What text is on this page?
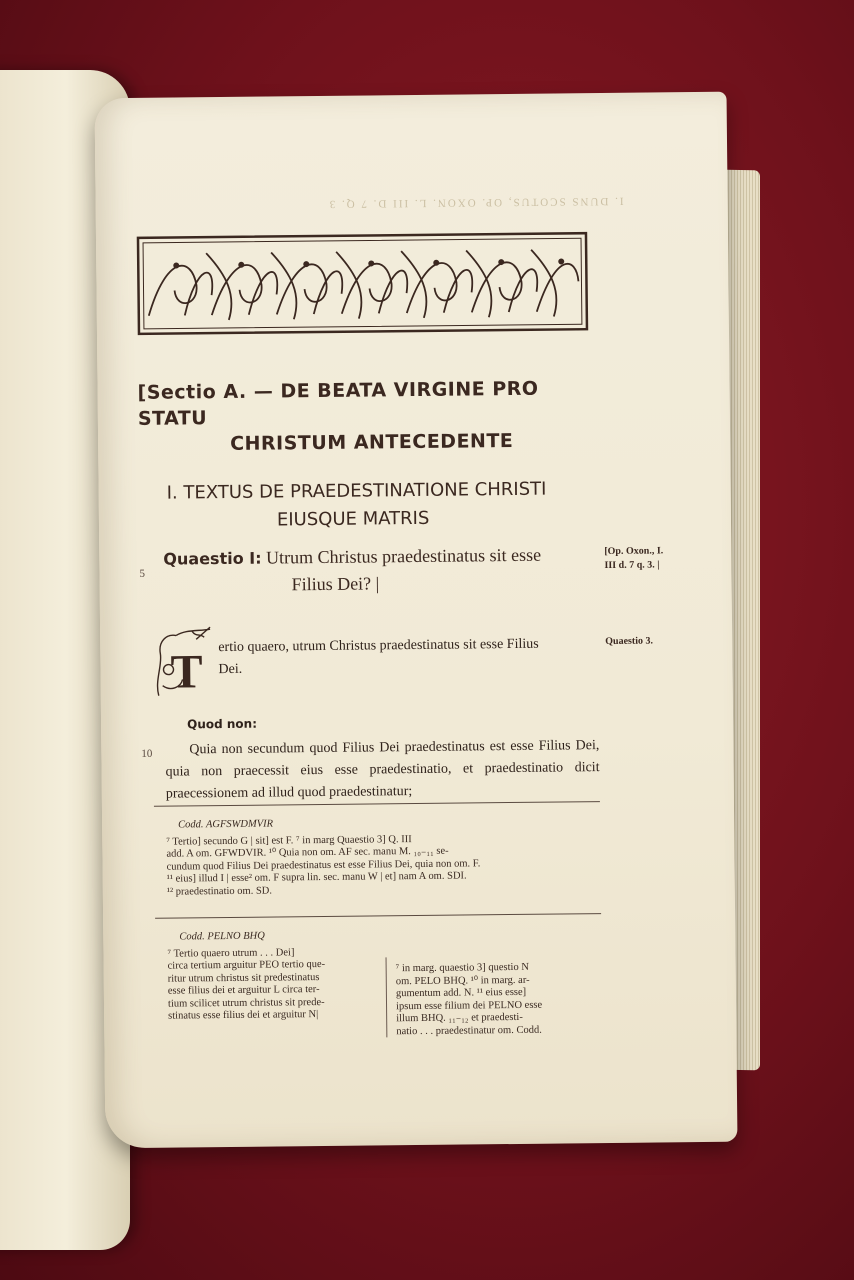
I. DUNS SCOTUS, OP. OXON. L. III D. 7 Q. 3
[Sectio A. — DE BEATA VIRGINE PRO STATU
CHRISTUM ANTECEDENTE
I. TEXTUS DE PRAEDESTINATIONE CHRISTI
EIUSQUE MATRIS
5
Quaestio I: Utrum Christus praedestinatus sit esse
Filius Dei? |
[Op. Oxon., I. III d. 7 q. 3. |
Quaestio 3.
T ertio quaero, utrum Christus praedestinatus sit esse Filius
Dei.
Quod non:
10	Quia non secundum quod Filius Dei praedestinatus est esse Filius Dei, quia non praecessit eius esse praedestinatio, et praedestinatio dicit praecessionem ad illud quod praedestinatur;
Codd. AGFSWDMVIR
⁷ Tertio] secundo G | sit] est F. ⁷ in marg Quaestio 3] Q. III
add. A om. GFWDVIR. ¹⁰ Quia non om. AF sec. manu M. ₁₀₋₁₁ se-
cundum quod Filius Dei praedestinatus est esse Filius Dei, quia non om. F.
¹¹ eius] illud I | esse² om. F supra lin. sec. manu W | et] nam A om. SDI.
¹² praedestinatio om. SD.
Codd. PELNO BHQ
⁷ Tertio quaero utrum . . . Dei]
circa tertium arguitur PEO tertio que-
ritur utrum christus sit predestinatus
esse filius dei et arguitur L circa ter-
tium scilicet utrum christus sit prede-
stinatus esse filius dei et arguitur N|
⁷ in marg. quaestio 3] questio N
om. PELO BHQ. ¹⁰ in marg. ar-
gumentum add. N. ¹¹ eius esse]
ipsum esse filium dei PELNO esse
illum BHQ. ₁₁₋₁₂ et praedesti-
natio . . . praedestinatur om. Codd.
